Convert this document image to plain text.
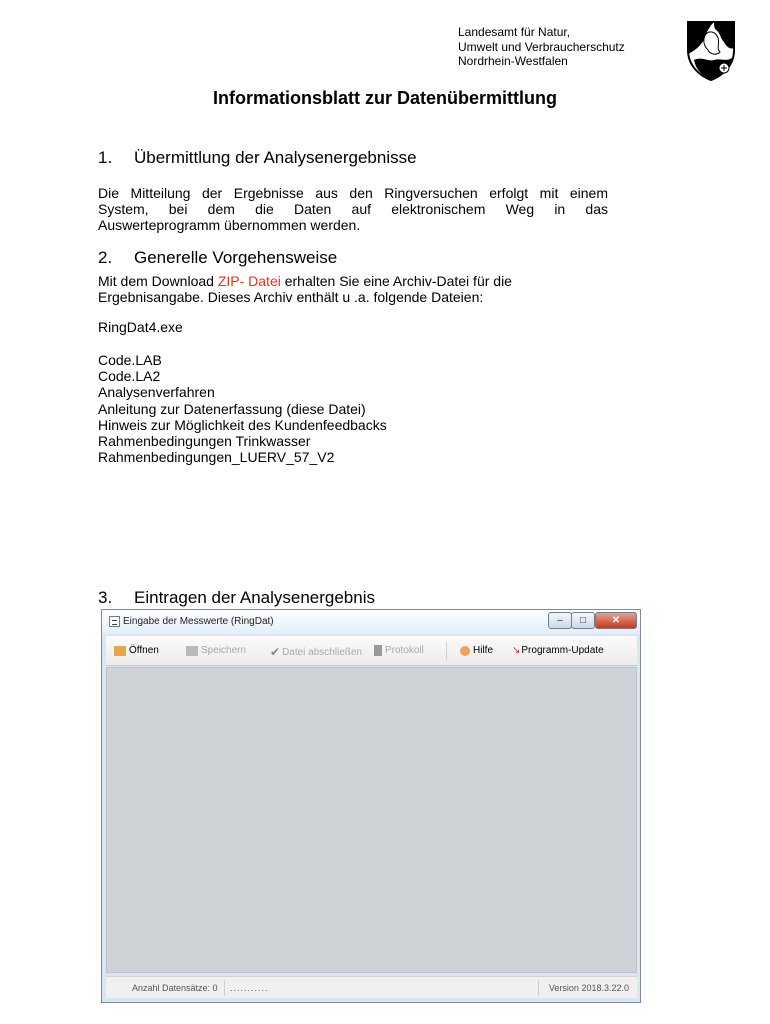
Landesamt für Natur,
Umwelt und Verbraucherschutz
Nordrhein-Westfalen
Informationsblatt zur Datenübermittlung
1. Übermittlung der Analysenergebnisse
Die Mitteilung der Ergebnisse aus den Ringversuchen erfolgt mit einem
System, bei dem die Daten auf elektronischem Weg in das
Auswerteprogramm übernommen werden.
2. Generelle Vorgehensweise
Mit dem Download ZIP- Datei erhalten Sie eine Archiv-Datei für die Ergebnisangabe. Dieses Archiv enthält u .a. folgende Dateien:
RingDat4.exe
Code.LAB
Code.LA2
Analysenverfahren
Anleitung zur Datenerfassung (diese Datei)
Hinweis zur Möglichkeit des Kundenfeedbacks
Rahmenbedingungen Trinkwasser
Rahmenbedingungen_LUERV_57_V2
3. Eintragen der Analysenergebnis
Eingabe der Messwerte (RingDat)	–	□	✕
Öffnen	Speichern ✔ Datei abschließen Protokoll	Hilfe ↘ Programm-Update
Anzahl Datensätze: 0 ...........	Version 2018.3.22.0
